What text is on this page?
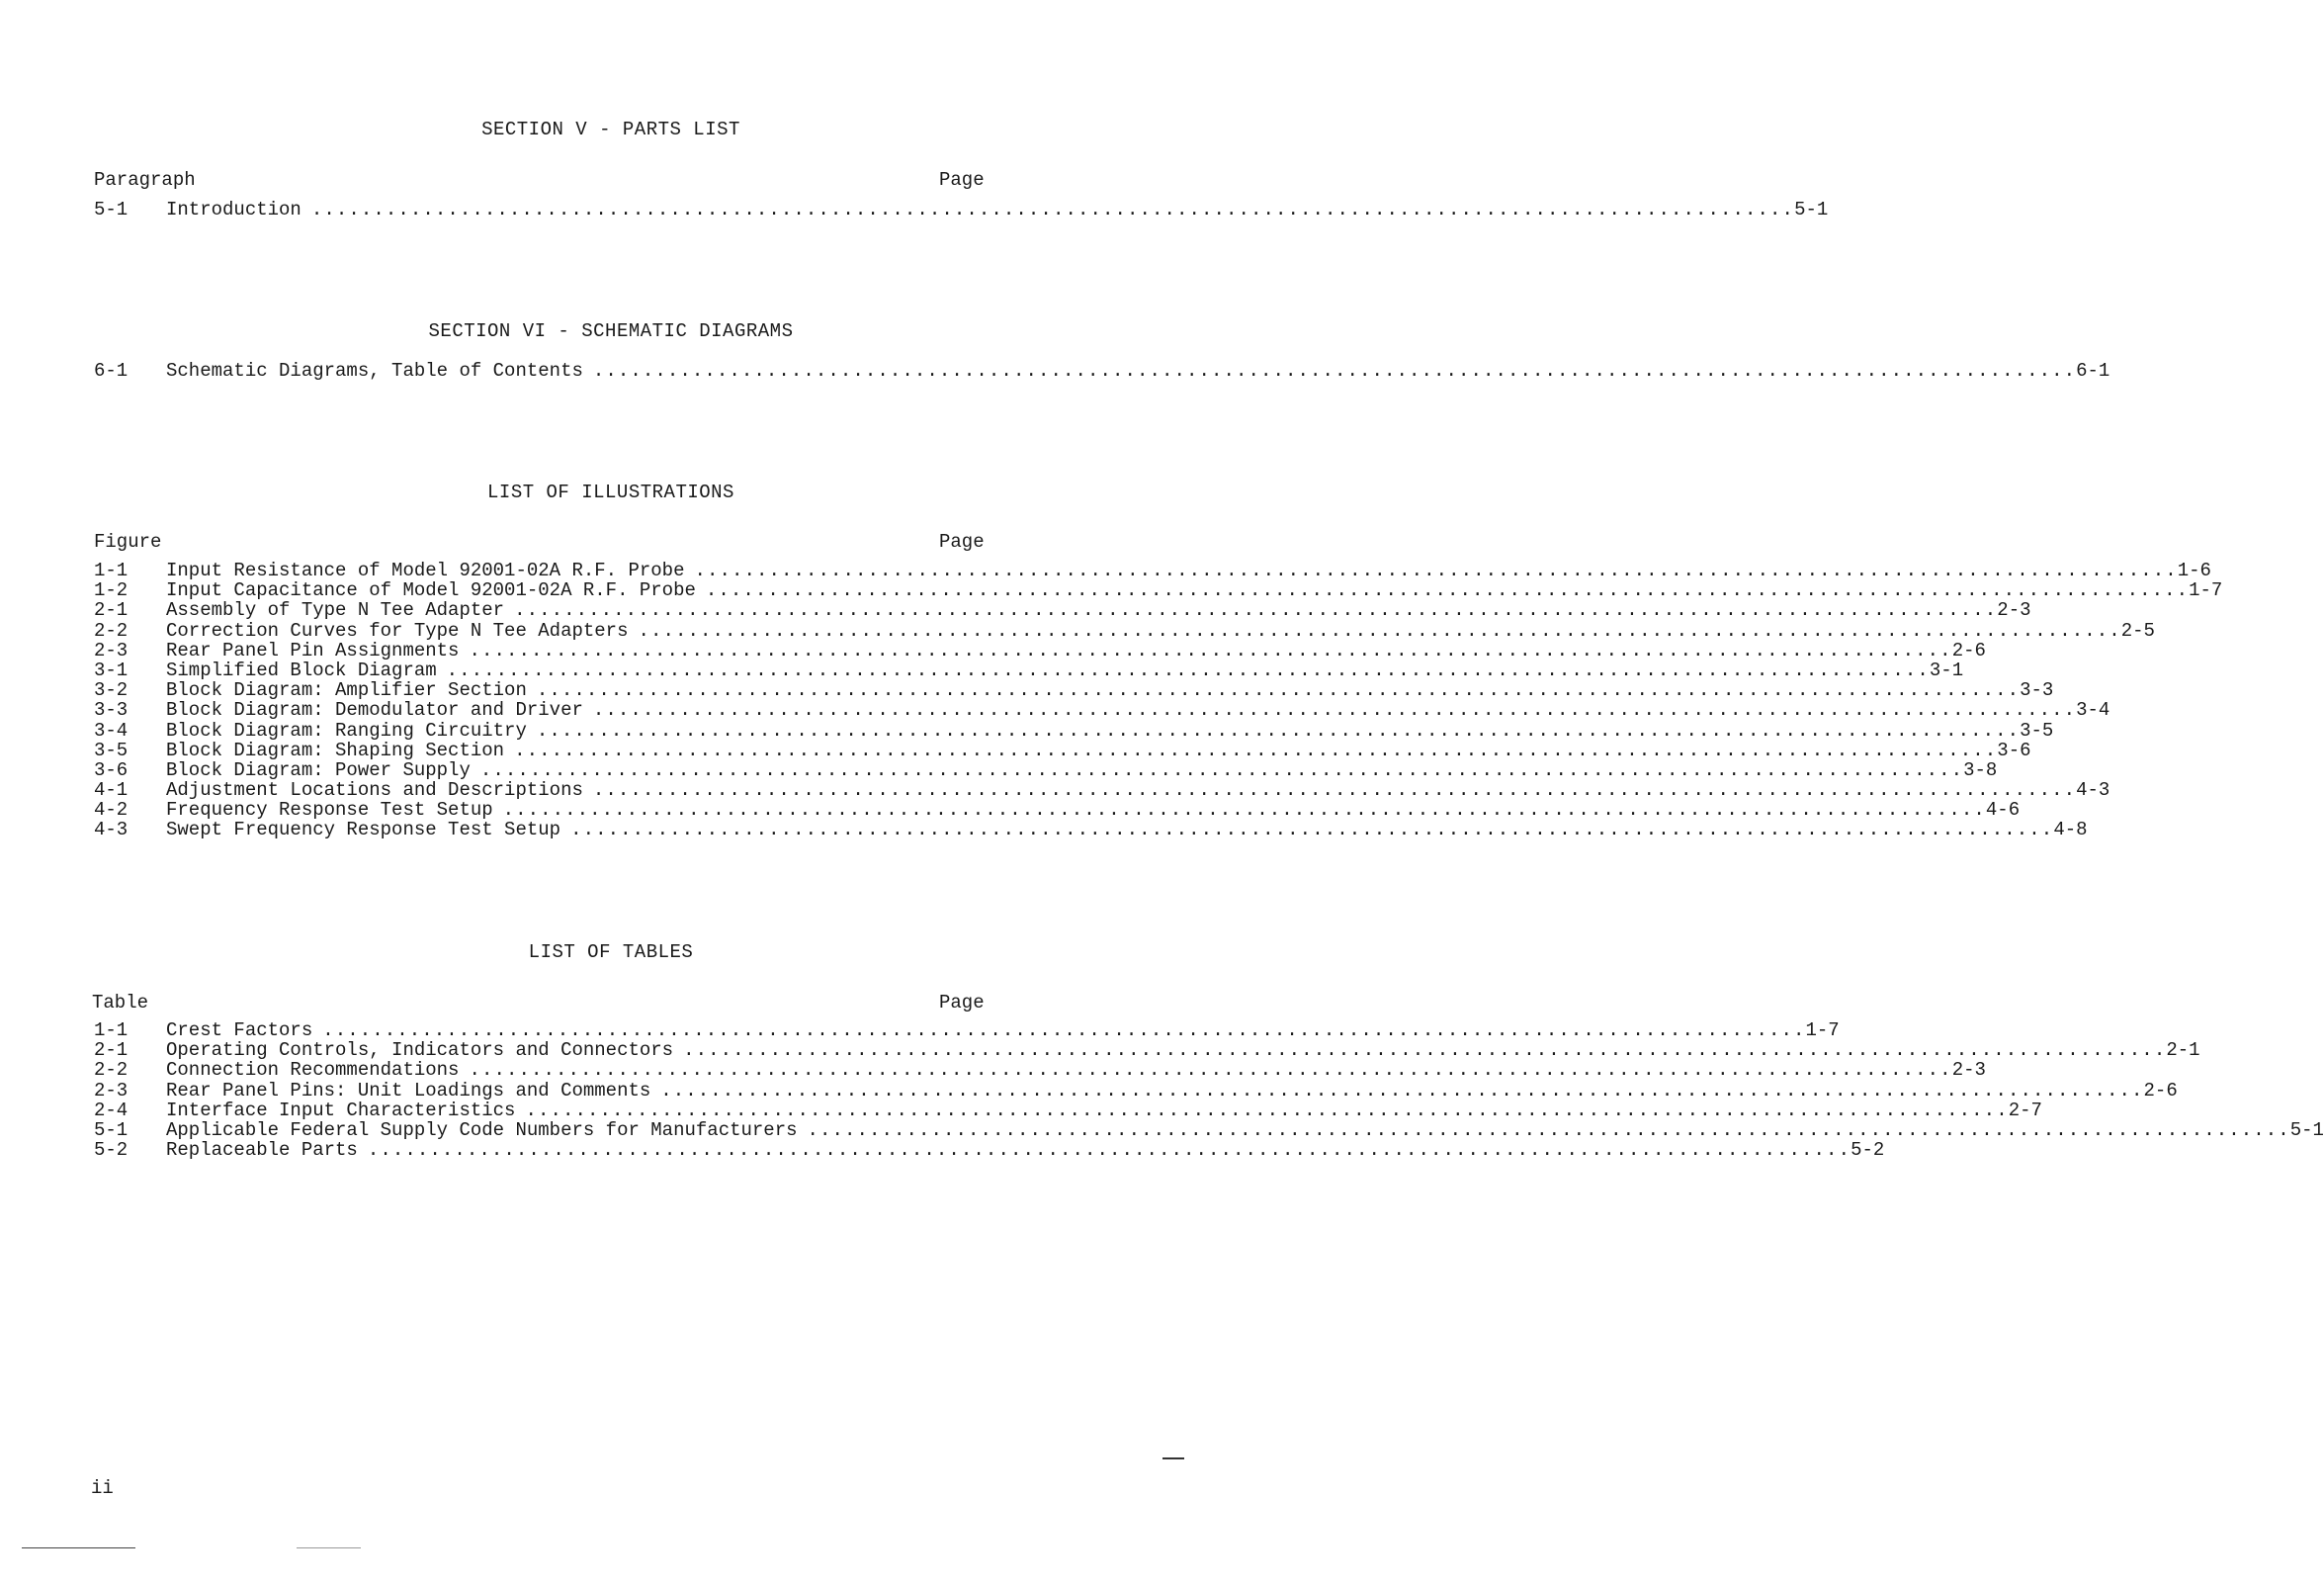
SECTION V - PARTS LIST
Paragraph	Page
5-1	Introduction ........................................................................................................................ 5-1
SECTION VI - SCHEMATIC DIAGRAMS
6-1	Schematic Diagrams, Table of Contents ........................................................................................................................ 6-1
LIST OF ILLUSTRATIONS
Figure	Page
1-1	Input Resistance of Model 92001-02A R.F. Probe ........................................................................................................................ 1-6
1-2	Input Capacitance of Model 92001-02A R.F. Probe ........................................................................................................................ 1-7
2-1	Assembly of Type N Tee Adapter ........................................................................................................................ 2-3
2-2	Correction Curves for Type N Tee Adapters ........................................................................................................................ 2-5
2-3	Rear Panel Pin Assignments ........................................................................................................................ 2-6
3-1	Simplified Block Diagram ........................................................................................................................ 3-1
3-2	Block Diagram: Amplifier Section ........................................................................................................................ 3-3
3-3	Block Diagram: Demodulator and Driver ........................................................................................................................ 3-4
3-4	Block Diagram: Ranging Circuitry ........................................................................................................................ 3-5
3-5	Block Diagram: Shaping Section ........................................................................................................................ 3-6
3-6	Block Diagram: Power Supply ........................................................................................................................ 3-8
4-1	Adjustment Locations and Descriptions ........................................................................................................................ 4-3
4-2	Frequency Response Test Setup ........................................................................................................................ 4-6
4-3	Swept Frequency Response Test Setup ........................................................................................................................ 4-8
LIST OF TABLES
Table	Page
1-1	Crest Factors ........................................................................................................................ 1-7
2-1	Operating Controls, Indicators and Connectors ........................................................................................................................ 2-1
2-2	Connection Recommendations ........................................................................................................................ 2-3
2-3	Rear Panel Pins: Unit Loadings and Comments ........................................................................................................................ 2-6
2-4	Interface Input Characteristics ........................................................................................................................ 2-7
5-1	Applicable Federal Supply Code Numbers for Manufacturers ........................................................................................................................ 5-1
5-2	Replaceable Parts ........................................................................................................................ 5-2
ii
